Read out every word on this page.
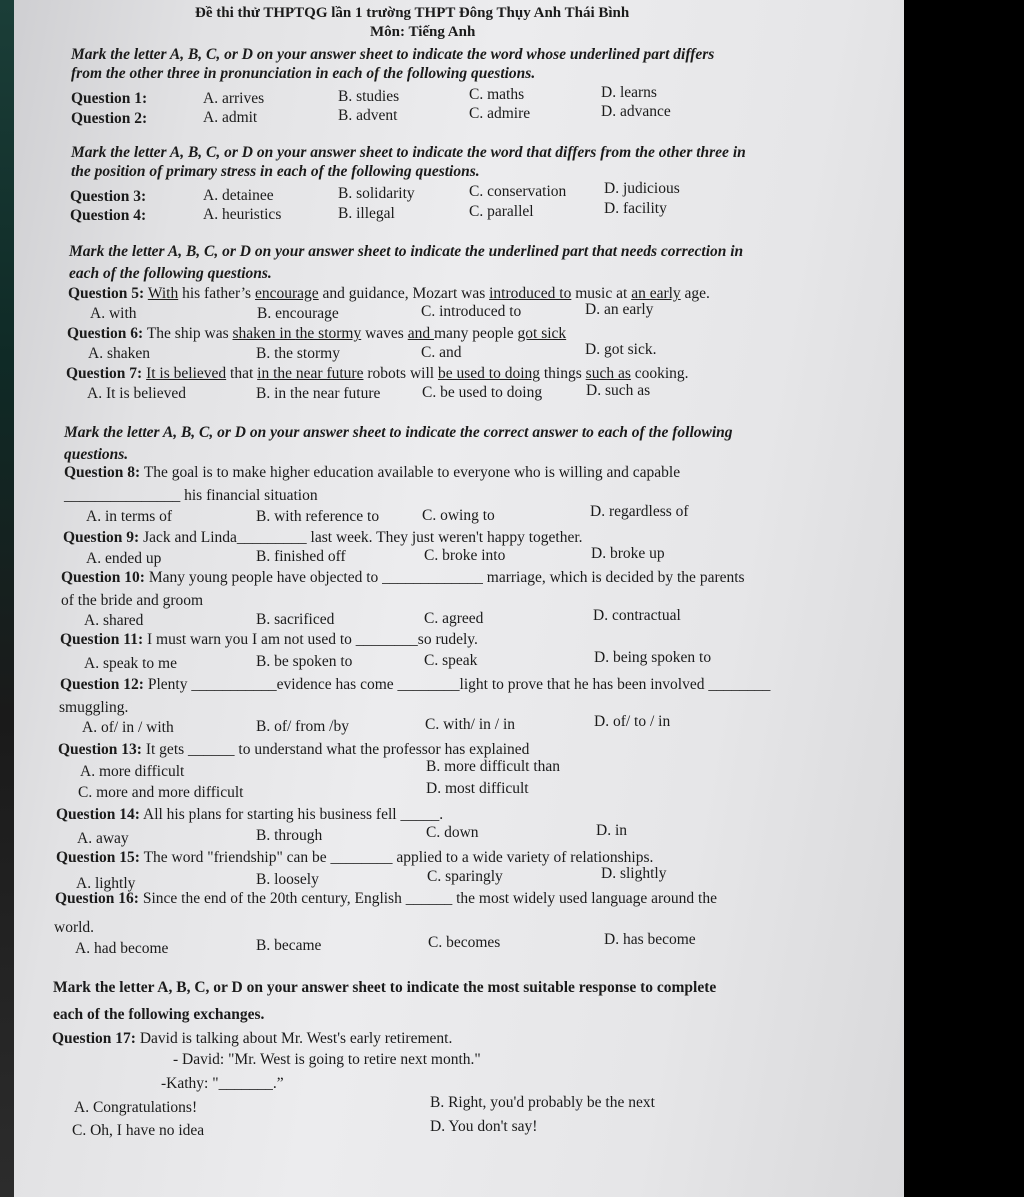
Đề thi thử THPTQG lần 1 trường THPT Đông Thụy Anh Thái Bình
Môn: Tiếng Anh
Mark the letter A, B, C, or D on your answer sheet to indicate the word whose underlined part differs
from the other three in pronunciation in each of the following questions.
Question 1:	A. arrives	B. studies	C. maths	D. learns
Question 2:	A. admit	B. advent	C. admire	D. advance
Mark the letter A, B, C, or D on your answer sheet to indicate the word that differs from the other three in
the position of primary stress in each of the following questions.
Question 3:	A. detainee	B. solidarity	C. conservation D. judicious
Question 4:	A. heuristics	B. illegal	C. parallel	D. facility
Mark the letter A, B, C, or D on your answer sheet to indicate the underlined part that needs correction in
each of the following questions.
Question 5: With his father’s encourage and guidance, Mozart was introduced to music at an early age.
A. with	B. encourage	C. introduced to	D. an early
Question 6: The ship was shaken in the stormy waves and many people got sick
A. shaken	B. the stormy	C. and	D. got sick.
Question 7: It is believed that in the near future robots will be used to doing things such as cooking.
A. It is believed	B. in the near future	C. be used to doing	D. such as
Mark the letter A, B, C, or D on your answer sheet to indicate the correct answer to each of the following
questions.
Question 8: The goal is to make higher education available to everyone who is willing and capable
_______________ his financial situation
A. in terms of	B. with reference to	C. owing to	D. regardless of
Question 9: Jack and Linda_________ last week. They just weren't happy together.
A. ended up	B. finished off	C. broke into	D. broke up
Question 10: Many young people have objected to _____________ marriage, which is decided by the parents
of the bride and groom
A. shared	B. sacrificed	C. agreed	D. contractual
Question 11: I must warn you I am not used to ________so rudely.
A. speak to me	B. be spoken to	C. speak	D. being spoken to
Question 12: Plenty ___________evidence has come ________light to prove that he has been involved ________
smuggling.
A. of/ in / with	B. of/ from /by	C. with/ in / in	D. of/ to / in
Question 13: It gets ______ to understand what the professor has explained
A. more difficult	B. more difficult than
C. more and more difficult	D. most difficult
Question 14: All his plans for starting his business fell _____.
A. away	B. through	C. down	D. in
Question 15: The word "friendship" can be ________ applied to a wide variety of relationships.
A. lightly	B. loosely	C. sparingly	D. slightly
Question 16: Since the end of the 20th century, English ______ the most widely used language around the
world.
A. had become	B. became	C. becomes	D. has become
Mark the letter A, B, C, or D on your answer sheet to indicate the most suitable response to complete
each of the following exchanges.
Question 17: David is talking about Mr. West's early retirement.
- David: "Mr. West is going to retire next month."
-Kathy: "_______.”
A. Congratulations!	B. Right, you'd probably be the next
C. Oh, I have no idea	D. You don't say!
